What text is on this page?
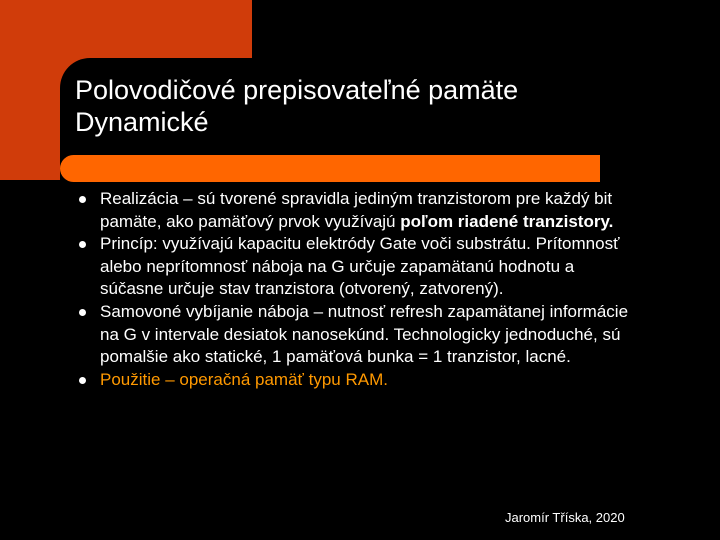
Polovodičové prepisovateľné pamäte
Dynamické
Realizácia – sú tvorené spravidla jediným tranzistorom pre každý bit pamäte, ako pamäťový prvok využívajú poľom riadené tranzistory.
Princíp: využívajú kapacitu elektródy Gate voči substrátu. Prítomnosť alebo neprítomnosť náboja na G určuje zapamätanú hodnotu a súčasne určuje stav tranzistora (otvorený, zatvorený).
Samovoné vybíjanie náboja – nutnosť refresh zapamätanej informácie na G v intervale desiatok nanosekúnd. Technologicky jednoduché, sú pomalšie ako statické, 1 pamäťová bunka = 1 tranzistor, lacné.
Použitie – operačná pamäť typu RAM.
Jaromír Tříska, 2020
